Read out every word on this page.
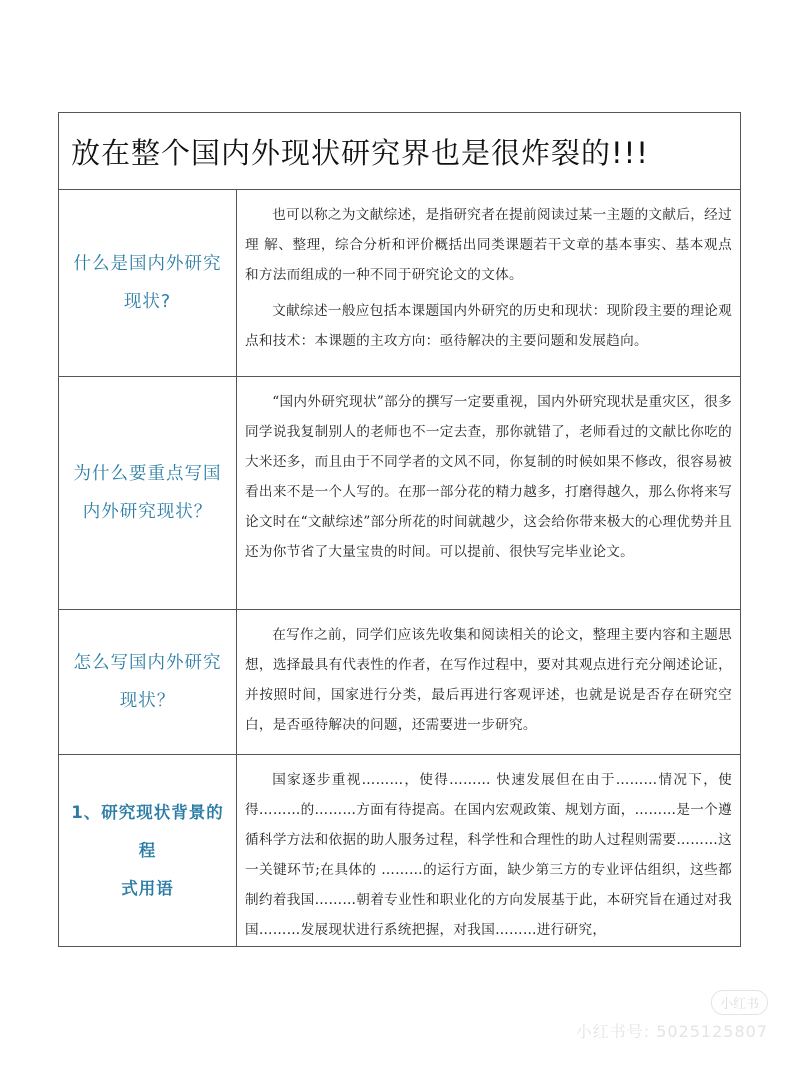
放在整个国内外现状研究界也是很炸裂的!!!
什么是国内外研究
现状?

也可以称之为文献综述，是指研究者在提前阅读过某一主题的文献后，经过理 解、整理，综合分析和评价概括出同类课题若干文章的基本事实、基本观点和方法而组成的一种不同于研究论文的文体。

文献综述一般应包括本课题国内外研究的历史和现状：现阶段主要的理论观点和技术：本课题的主攻方向：亟待解决的主要问题和发展趋向。

为什么要重点写国
内外研究现状？

“国内外研究现状”部分的撰写一定要重视，国内外研究现状是重灾区，很多同学说我复制别人的老师也不一定去查，那你就错了，老师看过的文献比你吃的大米还多，而且由于不同学者的文风不同，你复制的时候如果不修改，很容易被看出来不是一个人写的。在那一部分花的精力越多，打磨得越久，那么你将来写论文时在“文献综述”部分所花的时间就越少，这会给你带来极大的心理优势并且还为你节省了大量宝贵的时间。可以提前、很快写完毕业论文。

怎么写国内外研究
现状？

在写作之前，同学们应该先收集和阅读相关的论文，整理主要内容和主题思想，选择最具有代表性的作者，在写作过程中，要对其观点进行充分阐述论证，并按照时间，国家进行分类，最后再进行客观评述，也就是说是否存在研究空白，是否亟待解决的问题，还需要进一步研究。

1、研究现状背景的程
式用语

国家逐步重视………，使得……… 快速发展但在由于………情况下，使得………的………方面有待提高。在国内宏观政策、规划方面，………是一个遵循科学方法和依据的助人服务过程，科学性和合理性的助人过程则需要………这一关键环节;在具体的 ………的运行方面，缺少第三方的专业评估组织，这些都制约着我国………朝着专业性和职业化的方向发展基于此，本研究旨在通过对我国………发展现状进行系统把握，对我国………进行研究，

小红书
小红书号: 5025125807
